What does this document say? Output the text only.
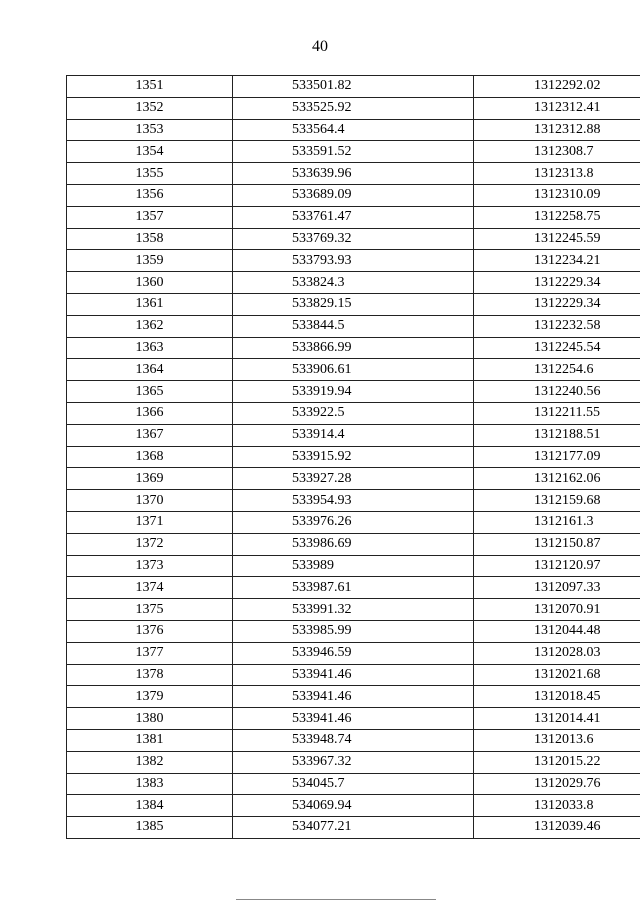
40
1351	533501.82	1312292.02
1352	533525.92	1312312.41
1353	533564.4	1312312.88
1354	533591.52	1312308.7
1355	533639.96	1312313.8
1356	533689.09	1312310.09
1357	533761.47	1312258.75
1358	533769.32	1312245.59
1359	533793.93	1312234.21
1360	533824.3	1312229.34
1361	533829.15	1312229.34
1362	533844.5	1312232.58
1363	533866.99	1312245.54
1364	533906.61	1312254.6
1365	533919.94	1312240.56
1366	533922.5	1312211.55
1367	533914.4	1312188.51
1368	533915.92	1312177.09
1369	533927.28	1312162.06
1370	533954.93	1312159.68
1371	533976.26	1312161.3
1372	533986.69	1312150.87
1373	533989	1312120.97
1374	533987.61	1312097.33
1375	533991.32	1312070.91
1376	533985.99	1312044.48
1377	533946.59	1312028.03
1378	533941.46	1312021.68
1379	533941.46	1312018.45
1380	533941.46	1312014.41
1381	533948.74	1312013.6
1382	533967.32	1312015.22
1383	534045.7	1312029.76
1384	534069.94	1312033.8
1385	534077.21	1312039.46
